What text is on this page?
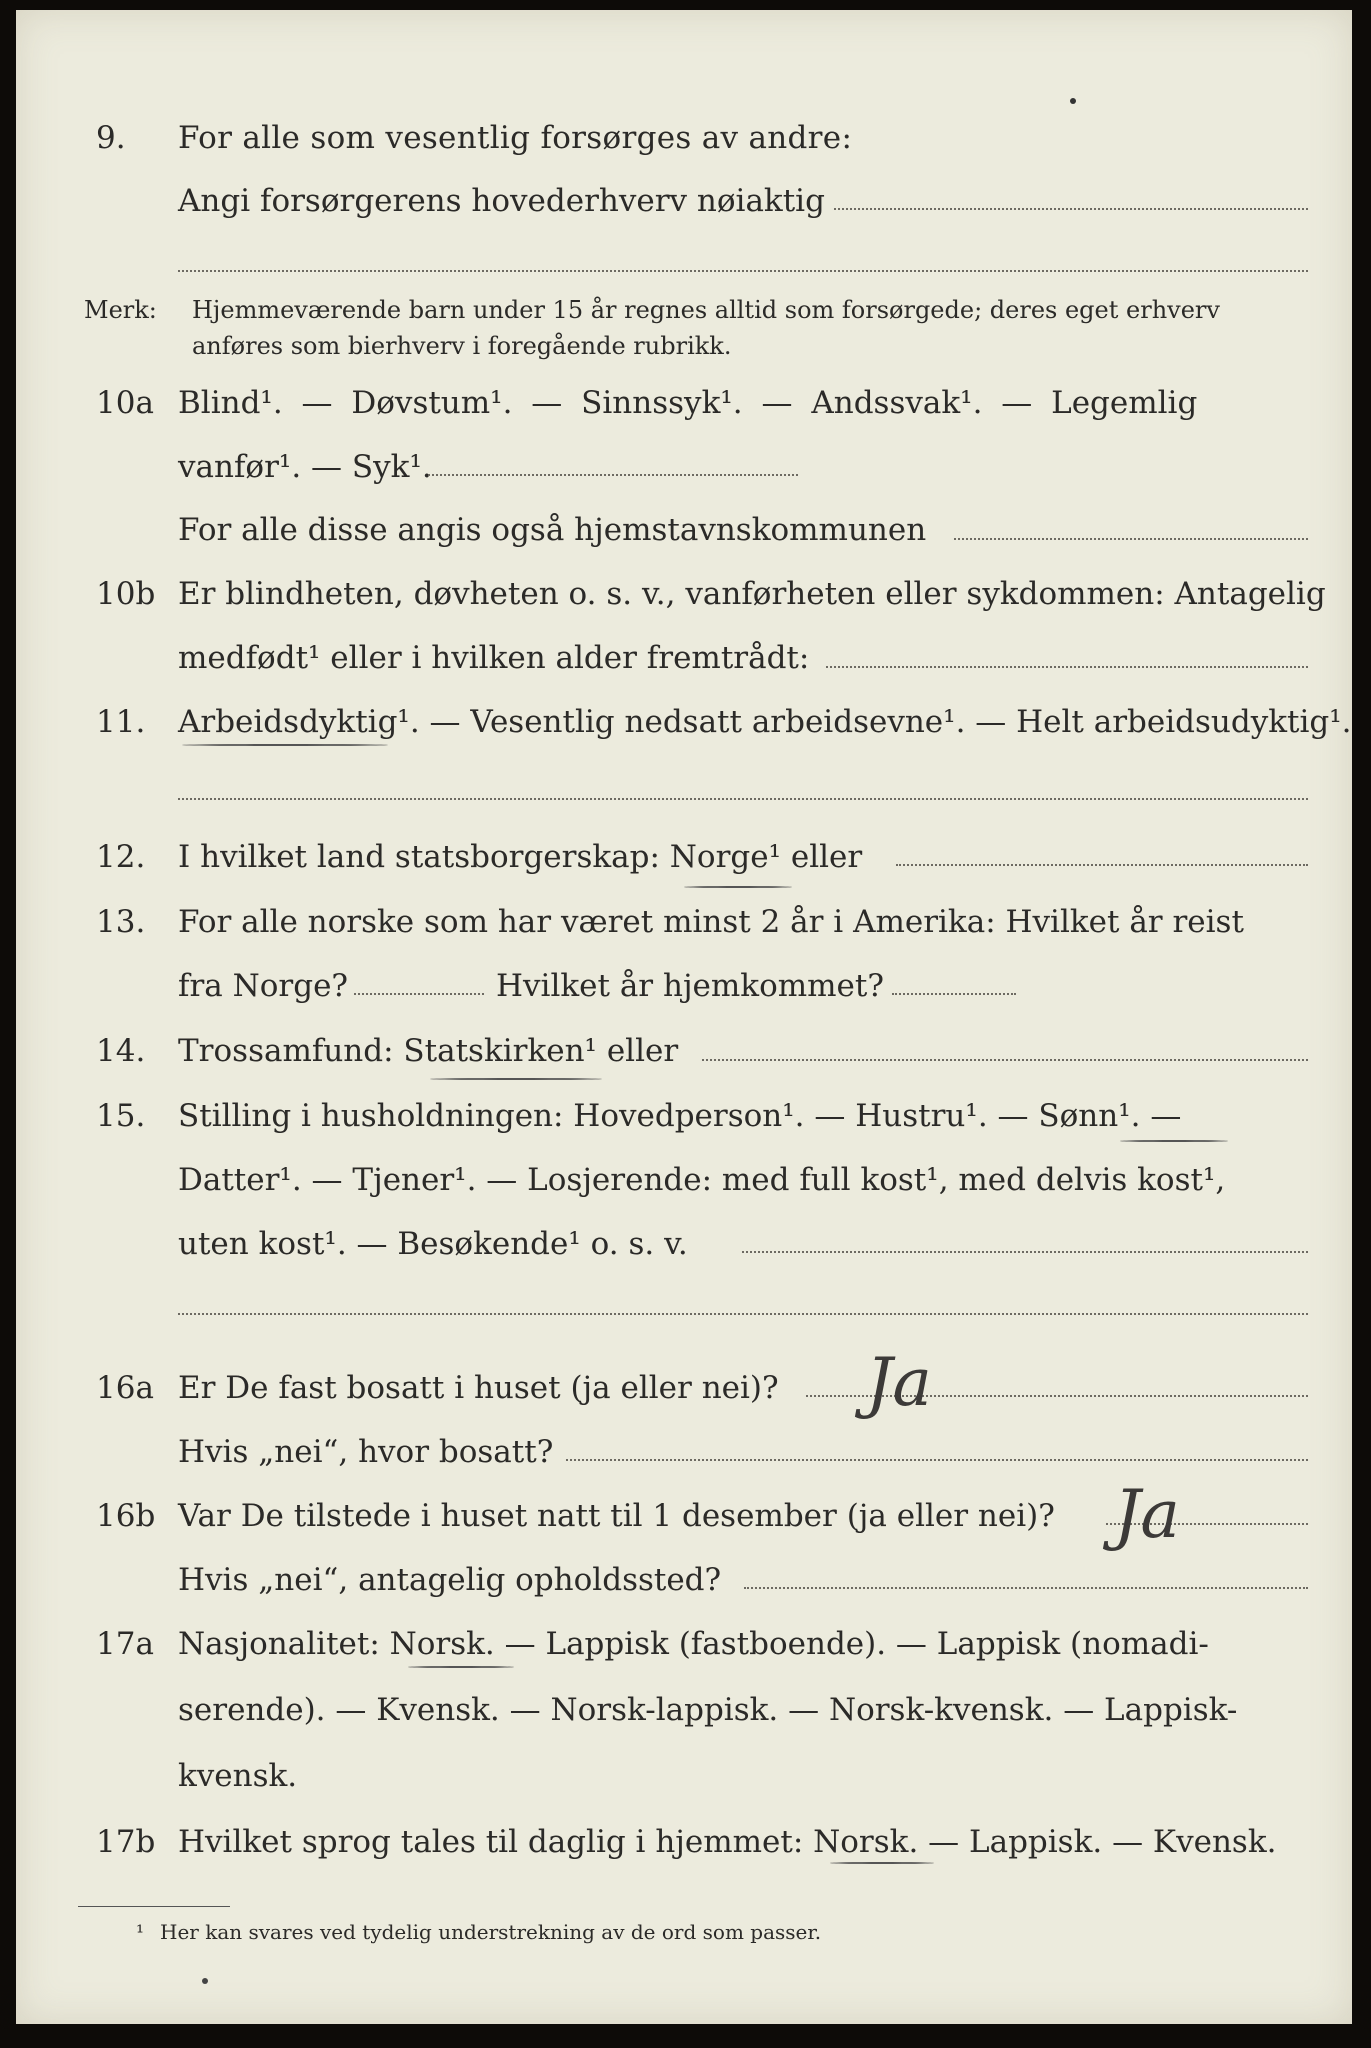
9. For alle som vesentlig forsørges av andre:
Angi forsørgerens hovederhverv nøiaktig
Merk: Hjemmeværende barn under 15 år regnes alltid som forsørgede; deres eget erhverv
anføres som bierhverv i foregående rubrikk.
10a Blind¹. — Døvstum¹. — Sinnssyk¹. — Andssvak¹. — Legemlig
vanfør¹. — Syk¹.
For alle disse angis også hjemstavnskommunen
10b Er blindheten, døvheten o. s. v., vanførheten eller sykdommen: Antagelig
medfødt¹ eller i hvilken alder fremtrådt:
11. Arbeidsdyktig¹. — Vesentlig nedsatt arbeidsevne¹. — Helt arbeidsudyktig¹.
12. I hvilket land statsborgerskap: Norge¹ eller
13. For alle norske som har været minst 2 år i Amerika: Hvilket år reist
fra Norge?	Hvilket år hjemkommet?
14. Trossamfund: Statskirken¹ eller
15. Stilling i husholdningen: Hovedperson¹. — Hustru¹. — Sønn¹. —
Datter¹. — Tjener¹. — Losjerende: med full kost¹, med delvis kost¹,
uten kost¹. — Besøkende¹ o. s. v.
16a Er De fast bosatt i huset (ja eller nei)? Ja
Hvis „nei“, hvor bosatt?
16b Var De tilstede i huset natt til 1 desember (ja eller nei)? Ja
Hvis „nei“, antagelig opholdssted?
17a Nasjonalitet: Norsk. — Lappisk (fastboende). — Lappisk (nomadi-
serende). — Kvensk. — Norsk-lappisk. — Norsk-kvensk. — Lappisk-
kvensk.
17b Hvilket sprog tales til daglig i hjemmet: Norsk. — Lappisk. — Kvensk.
¹ Her kan svares ved tydelig understrekning av de ord som passer.
